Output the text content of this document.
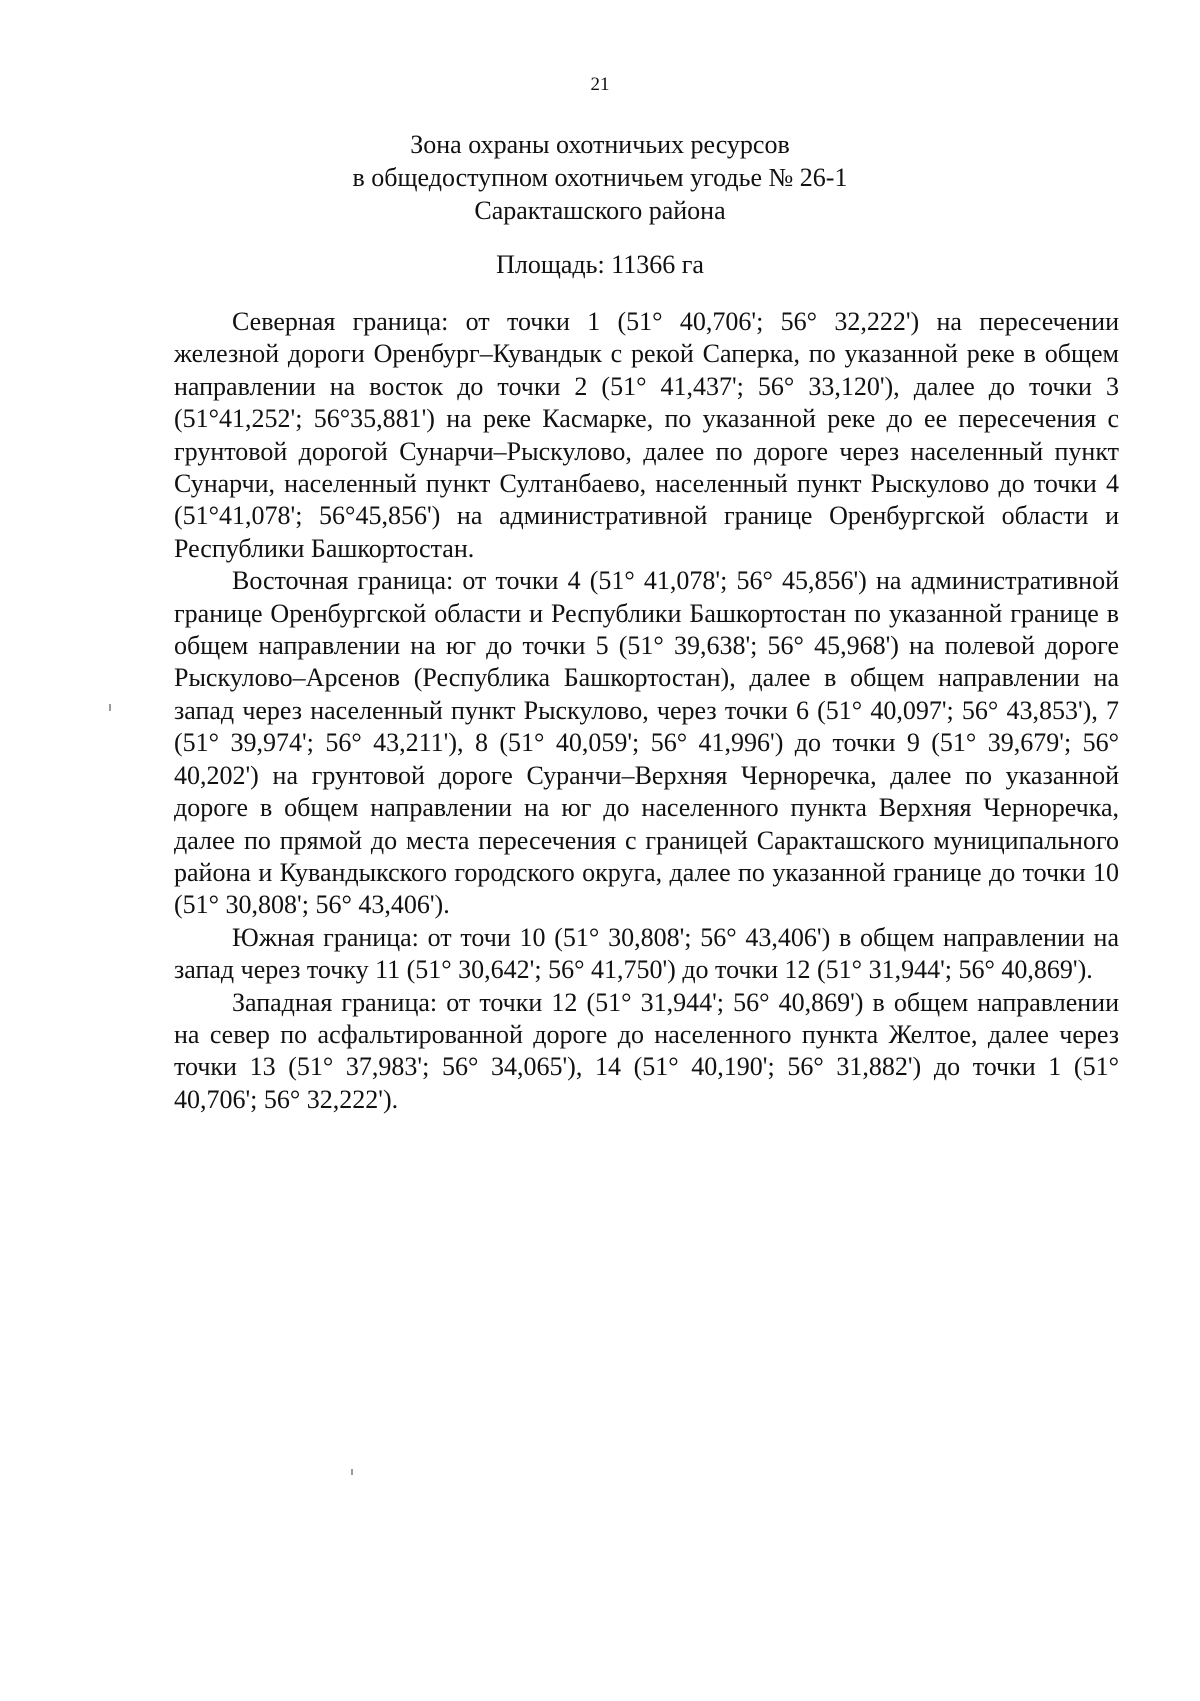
21
Зона охраны охотничьих ресурсов
в общедоступном охотничьем угодье № 26-1
Саракташского района
Площадь: 11366 га

Северная граница: от точки 1 (51° 40,706'; 56° 32,222') на пересечении железной дороги Оренбург–Кувандык с рекой Саперка, по указанной реке в общем направлении на восток до точки 2 (51° 41,437'; 56° 33,120'), далее до точки 3 (51°41,252'; 56°35,881') на реке Касмарке, по указанной реке до ее пересечения с грунтовой дорогой Сунарчи–Рыскулово, далее по дороге через населенный пункт Сунарчи, населенный пункт Султанбаево, населенный пункт Рыскулово до точки 4 (51°41,078'; 56°45,856') на административной границе Оренбургской области и Республики Башкортостан.

Восточная граница: от точки 4 (51° 41,078'; 56° 45,856') на административной границе Оренбургской области и Республики Башкортостан по указанной границе в общем направлении на юг до точки 5 (51° 39,638'; 56° 45,968') на полевой дороге Рыскулово–Арсенов (Республика Башкортостан), далее в общем направлении на запад через населенный пункт Рыскулово, через точки 6 (51° 40,097'; 56° 43,853'), 7 (51° 39,974'; 56° 43,211'), 8 (51° 40,059'; 56° 41,996') до точки 9 (51° 39,679'; 56° 40,202') на грунтовой дороге Суранчи–Верхняя Черноречка, далее по указанной дороге в общем направлении на юг до населенного пункта Верхняя Черноречка, далее по прямой до места пересечения с границей Саракташского муниципального района и Кувандыкского городского округа, далее по указанной границе до точки 10 (51° 30,808'; 56° 43,406').

Южная граница: от точи 10 (51° 30,808'; 56° 43,406') в общем направлении на запад через точку 11 (51° 30,642'; 56° 41,750') до точки 12 (51° 31,944'; 56° 40,869').

Западная граница: от точки 12 (51° 31,944'; 56° 40,869') в общем направлении на север по асфальтированной дороге до населенного пункта Желтое, далее через точки 13 (51° 37,983'; 56° 34,065'), 14 (51° 40,190'; 56° 31,882') до точки 1 (51° 40,706'; 56° 32,222').
